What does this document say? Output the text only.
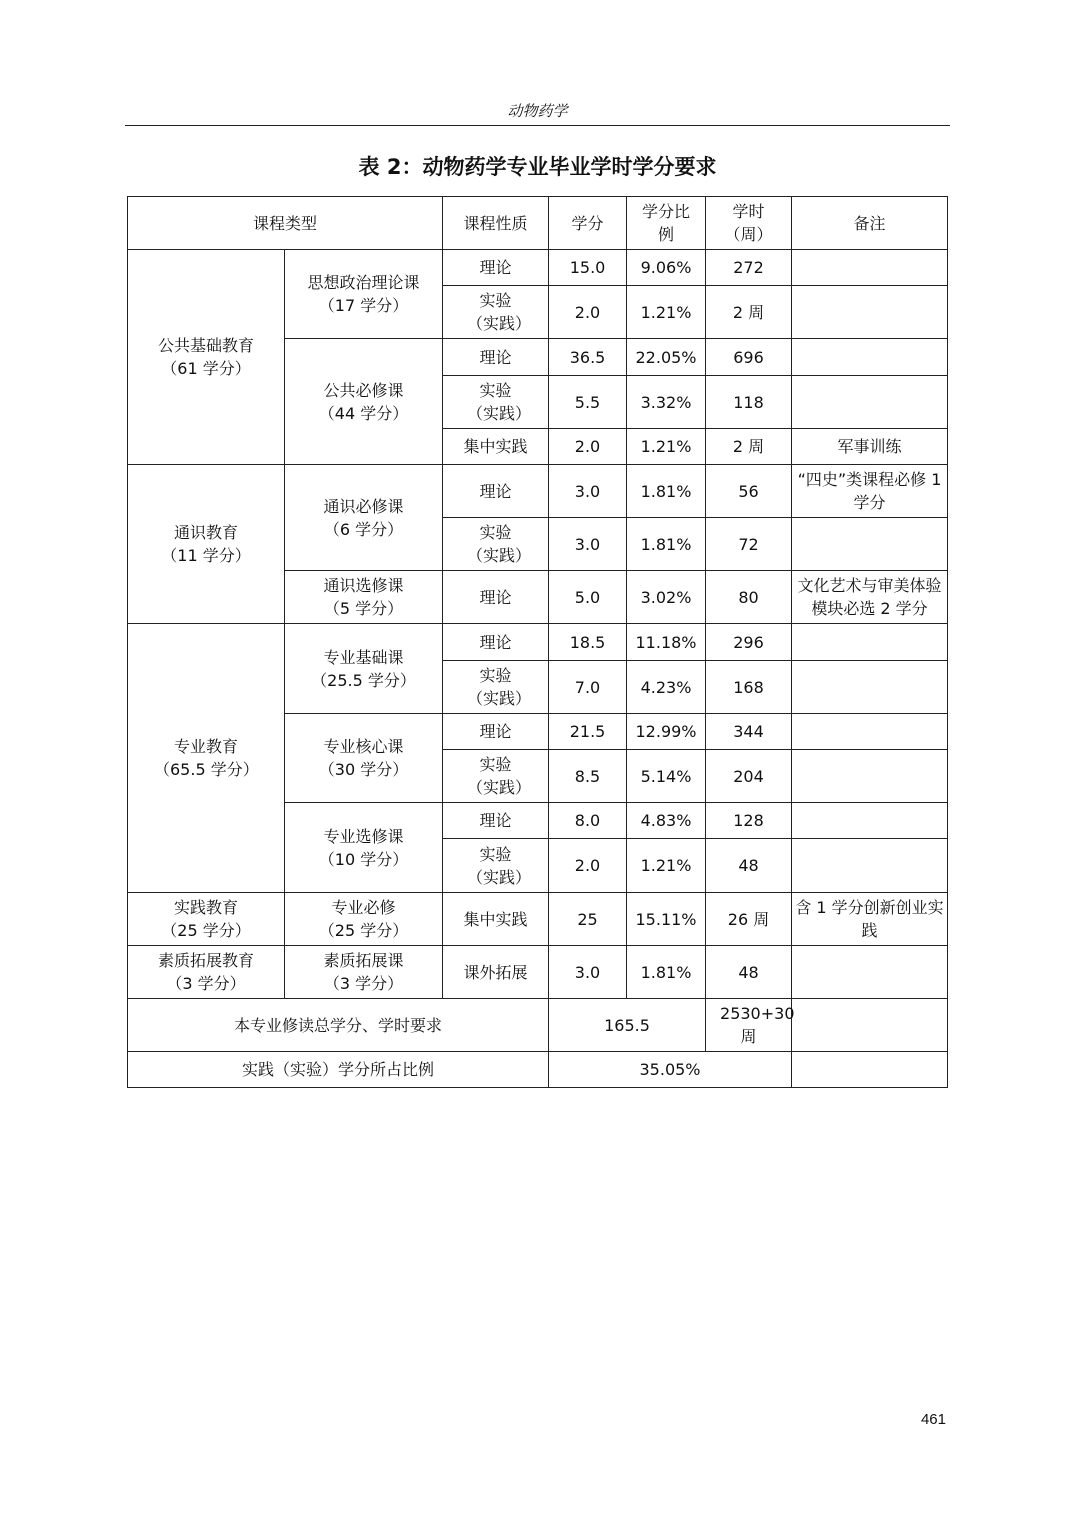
动物药学
表 2：动物药学专业毕业学时学分要求
课程类型		课程性质	学分	学分比例	学时（周）	备注
公共基础教育（61 学分）	思想政治理论课（17 学分）	理论	15.0	9.06%	272	
		实验（实践）	2.0	1.21%	2 周	
	公共必修课（44 学分）	理论	36.5	22.05%	696	
		实验（实践）	5.5	3.32%	118	
		集中实践	2.0	1.21%	2 周	军事训练
通识教育（11 学分）	通识必修课（6 学分）	理论	3.0	1.81%	56	“四史”类课程必修 1 学分
		实验（实践）	3.0	1.81%	72	
	通识选修课（5 学分）	理论	5.0	3.02%	80	文化艺术与审美体验模块必选 2 学分
专业教育（65.5 学分）	专业基础课（25.5 学分）	理论	18.5	11.18%	296	
		实验（实践）	7.0	4.23%	168	
	专业核心课（30 学分）	理论	21.5	12.99%	344	
		实验（实践）	8.5	5.14%	204	
	专业选修课（10 学分）	理论	8.0	4.83%	128	
		实验（实践）	2.0	1.21%	48	
实践教育（25 学分）	专业必修（25 学分）	集中实践	25	15.11%	26 周	含 1 学分创新创业实践
素质拓展教育（3 学分）	素质拓展课（3 学分）	课外拓展	3.0	1.81%	48	
本专业修读总学分、学时要求			165.5		2530+30 周	
实践（实验）学分所占比例			35.05%			
461
